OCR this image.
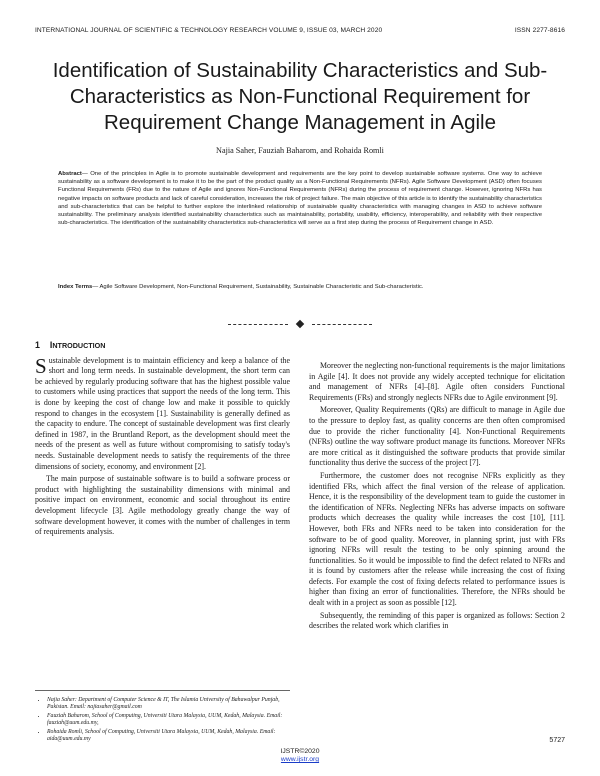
INTERNATIONAL JOURNAL OF SCIENTIFIC & TECHNOLOGY RESEARCH VOLUME 9, ISSUE 03, MARCH 2020	ISSN 2277-8616
Identification of Sustainability Characteristics and Sub-Characteristics as Non-Functional Requirement for Requirement Change Management in Agile
Najia Saher, Fauziah Baharom, and Rohaida Romli
Abstract— One of the principles in Agile is to promote sustainable development and requirements are the key point to develop sustainable software systems. One way to achieve sustainability as a software development is to make it to be the part of the product quality as a Non-Functional Requirements (NFRs). Agile Software Development (ASD) often focuses Functional Requirements (FRs) due to the nature of Agile and ignores Non-Functional Requirements (NFRs) during the process of requirement change. However, ignoring NFRs has negative impacts on software products and lack of careful consideration, increases the risk of project failure. The main objective of this article is to identify the sustainability characteristics and sub-characteristics that can be helpful to further explore the interlinked relationship of sustainable quality characteristics with managing changes in ASD to achieve software sustainability. The preliminary analysis identified sustainability characteristics such as maintainability, portability, usability, efficiency, interoperability, and reliability with their respective sub-characteristics. The identification of the sustainability characteristics sub-characteristics will serve as a first step during the process of Requirement change in ASD.
Index Terms— Agile Software Development, Non-Functional Requirement, Sustainability, Sustainable Characteristic and Sub-characteristic.
1 INTRODUCTION

Sustainable development is to maintain efficiency and keep a balance of the short and long term needs. In sustainable development, the short term can be achieved by regularly producing software that has the highest possible value to customers while using practices that support the needs of the long term. This is done by keeping the cost of change low and make it possible to quickly respond to changes in the ecosystem [1]. Sustainability is generally defined as the capacity to endure. The concept of sustainable development was first clearly defined in 1987, in the Bruntland Report, as the development should meet the needs of the present as well as future without compromising to satisfy today's needs. Sustainable development needs to satisfy the requirements of the three dimensions of society, economy, and environment [2].

The main purpose of sustainable software is to build a software process or product with highlighting the sustainability dimensions with minimal and positive impact on environment, economic and social throughout its entire development lifecycle [3]. Agile methodology greatly change the way of software development however, it comes with the number of challenges in term of requirements analysis.

Moreover the neglecting non-functional requirements is the major limitations in Agile [4]. It does not provide any widely accepted technique for elicitation and management of NFRs [4]–[8]. Agile often considers Functional Requirements (FRs) and strongly neglects NFRs due to Agile environment [9].

Moreover, Quality Requirements (QRs) are difficult to manage in Agile due to the pressure to deploy fast, as quality concerns are then often compromised due to provide the richer functionality [4]. Non-Functional Requirements (NFRs) outline the way software product manage its functions. Moreover NFRs are more critical as it distinguished the software products that provide similar functionality thus derive the success of the project [7].

Furthermore, the customer does not recognise NFRs explicitly as they identified FRs, which affect the final version of the release of application. Hence, it is the responsibility of the development team to guide the customer in the identification of NFRs. Neglecting NFRs has adverse impacts on software products which decreases the quality while increases the cost [10], [11]. However, both FRs and NFRs need to be taken into consideration for the software to be of good quality. Moreover, in planning sprint, just with FRs ignoring NFRs will result the testing to be only spinning around the functionalities. So it would be impossible to find the defect related to NFRs and it is found by customers after the release while increasing the cost of fixing defects. For example the cost of fixing defects related to performance issues is higher than fixing an error of functionalities. Therefore, the NFRs should be dealt with in a project as soon as possible [12].

Subsequently, the reminding of this paper is organized as follows: Section 2 describes the related work which clarifies in

• Najia Saher: Department of Computer Science & IT, The Islamia University of Bahawalpur Punjab, Pakistan. Email: najiasaher@gmail.com
• Fauziah Baharom, School of Computing, Universiti Utara Malaysia, UUM, Kedah, Malaysia. Email: fauziah@uum.edu.my,
• Rohaida Romli, School of Computing, Universiti Utara Malaysia, UUM, Kedah, Malaysia. Email: aida@uum.edu.my	5727
IJSTR©2020
www.ijstr.org
